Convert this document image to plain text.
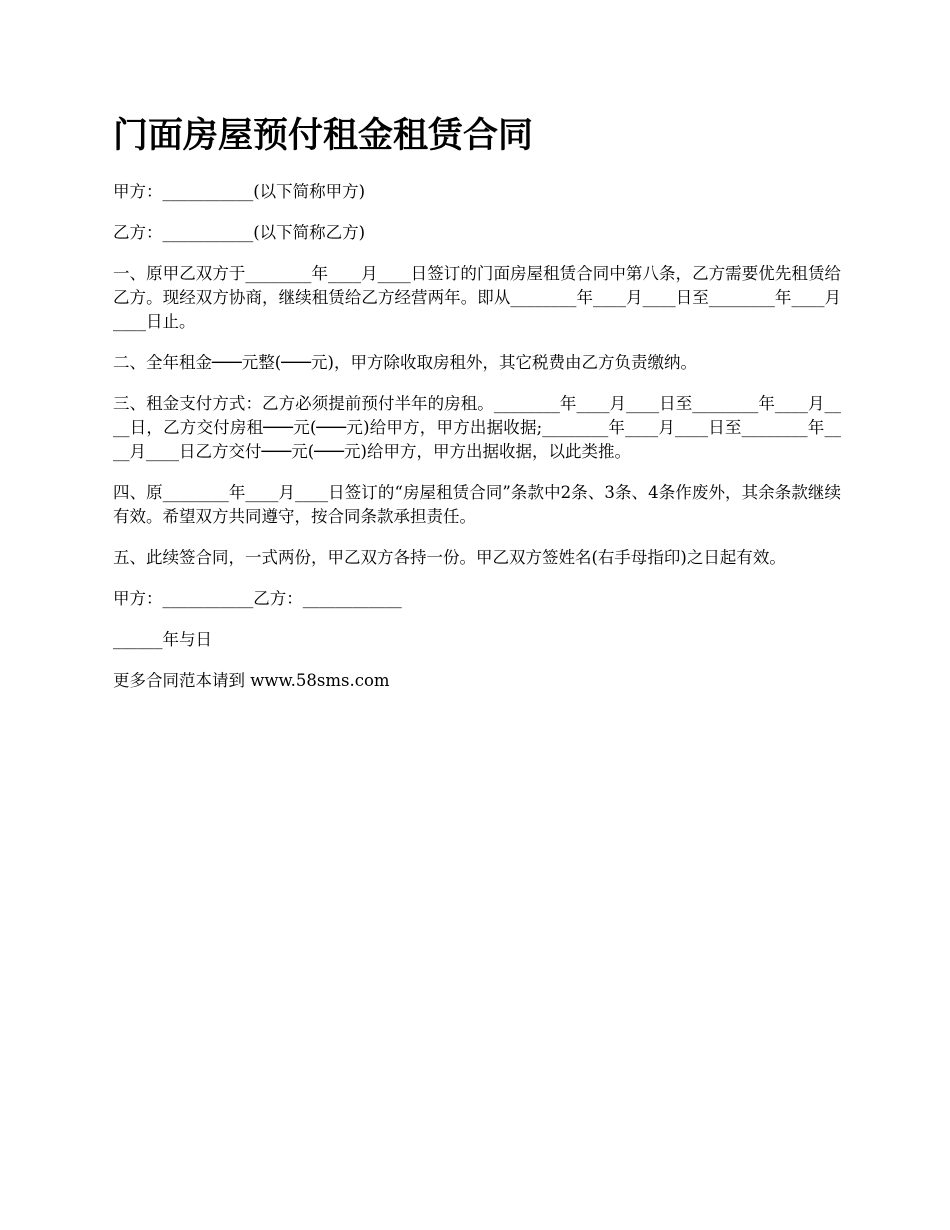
门面房屋预付租金租赁合同

甲方：___________(以下简称甲方)

乙方：___________(以下简称乙方)

一、原甲乙双方于________年____月____日签订的门面房屋租赁合同中第八条，乙方需要优先租赁给乙方。现经双方协商，继续租赁给乙方经营两年。即从________年____月____日至________年____月____日止。

二、全年租金───元整(───元)，甲方除收取房租外，其它税费由乙方负责缴纳。

三、租金支付方式：乙方必须提前预付半年的房租。________年____月____日至________年____月____日，乙方交付房租───元(───元)给甲方，甲方出据收据;________年____月____日至________年____月____日乙方交付───元(───元)给甲方，甲方出据收据，以此类推。

四、原________年____月____日签订的“房屋租赁合同”条款中2条、3条、4条作废外，其余条款继续有效。希望双方共同遵守，按合同条款承担责任。

五、此续签合同，一式两份，甲乙双方各持一份。甲乙双方签姓名(右手母指印)之日起有效。

甲方：___________乙方：____________

______年与日

更多合同范本请到 www.58sms.com
